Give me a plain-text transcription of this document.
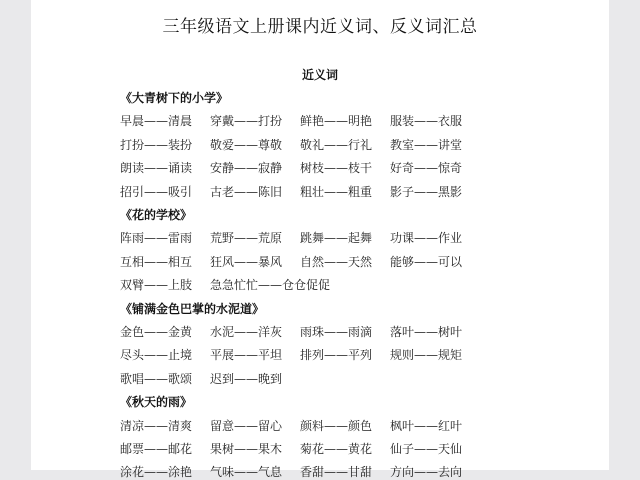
三年级语文上册课内近义词、反义词汇总
近义词
《大青树下的小学》
早晨——清晨 穿戴——打扮 鲜艳——明艳 服装——衣服
打扮——装扮 敬爱——尊敬 敬礼——行礼 教室——讲堂
朗读——诵读 安静——寂静 树枝——枝干 好奇——惊奇
招引——吸引 古老——陈旧 粗壮——粗重 影子——黑影
《花的学校》
阵雨——雷雨 荒野——荒原 跳舞——起舞 功课——作业
互相——相互 狂风——暴风 自然——天然 能够——可以
双臂——上肢 急急忙忙——仓仓促促
《铺满金色巴掌的水泥道》
金色——金黄 水泥——洋灰 雨珠——雨滴 落叶——树叶
尽头——止境 平展——平坦 排列——平列 规则——规矩
歌唱——歌颂 迟到——晚到
《秋天的雨》
清凉——清爽 留意——留心 颜料——颜色 枫叶——红叶
邮票——邮花 果树——果木 菊花——黄花 仙子——天仙
涂花——涂艳 气味——气息 香甜——甘甜 方向——去向
